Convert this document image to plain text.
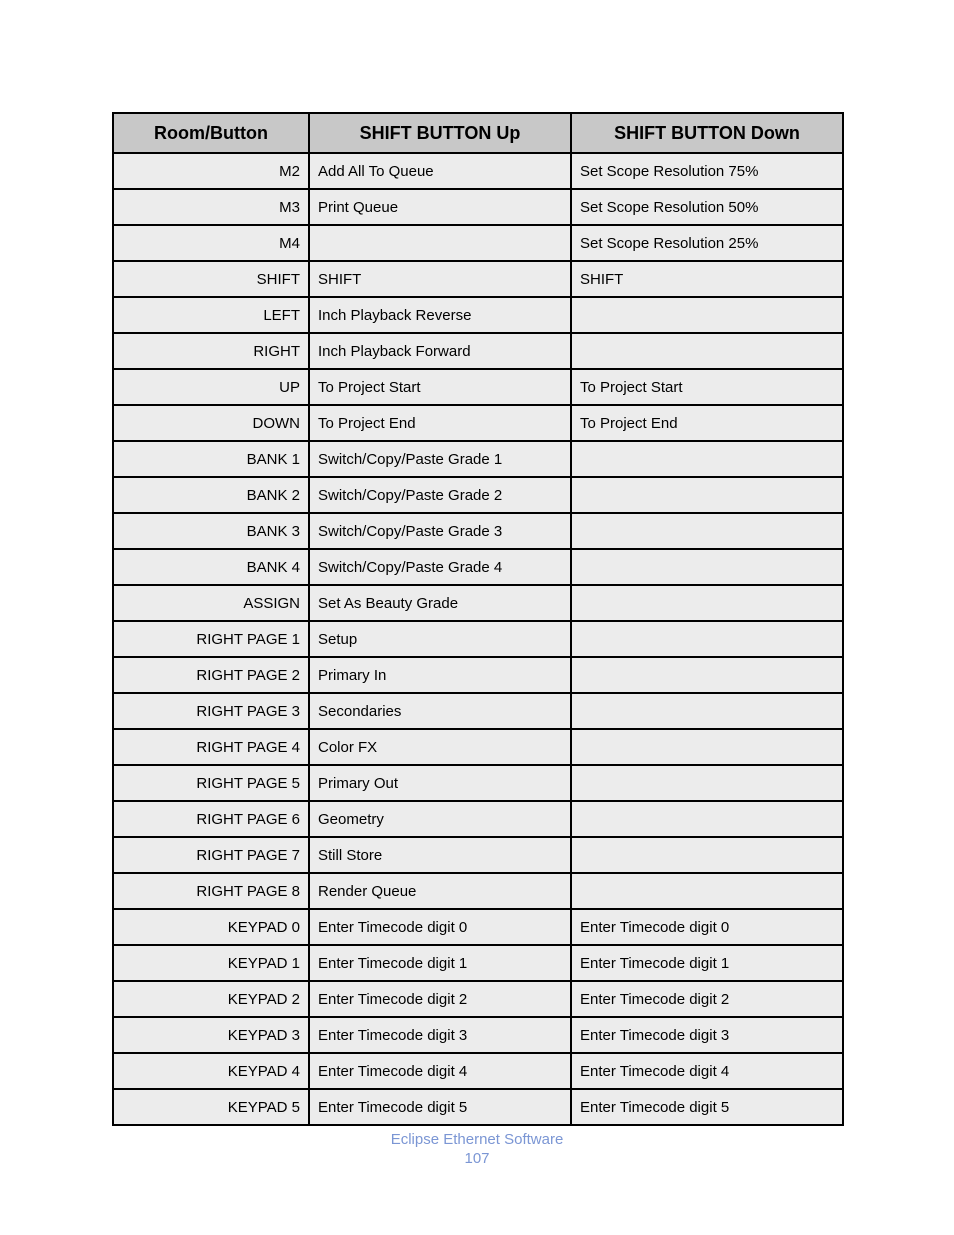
Room/Button	SHIFT BUTTON Up	SHIFT BUTTON Down
M2	Add All To Queue	Set Scope Resolution 75%
M3	Print Queue	Set Scope Resolution 50%
M4		Set Scope Resolution 25%
SHIFT	SHIFT	SHIFT
LEFT	Inch Playback Reverse	
RIGHT	Inch Playback Forward	
UP	To Project Start	To Project Start
DOWN	To Project End	To Project End
BANK 1	Switch/Copy/Paste Grade 1	
BANK 2	Switch/Copy/Paste Grade 2	
BANK 3	Switch/Copy/Paste Grade 3	
BANK 4	Switch/Copy/Paste Grade 4	
ASSIGN	Set As Beauty Grade	
RIGHT PAGE 1	Setup	
RIGHT PAGE 2	Primary In	
RIGHT PAGE 3	Secondaries	
RIGHT PAGE 4	Color FX	
RIGHT PAGE 5	Primary Out	
RIGHT PAGE 6	Geometry	
RIGHT PAGE 7	Still Store	
RIGHT PAGE 8	Render Queue	
KEYPAD 0	Enter Timecode digit 0	Enter Timecode digit 0
KEYPAD 1	Enter Timecode digit 1	Enter Timecode digit 1
KEYPAD 2	Enter Timecode digit 2	Enter Timecode digit 2
KEYPAD 3	Enter Timecode digit 3	Enter Timecode digit 3
KEYPAD 4	Enter Timecode digit 4	Enter Timecode digit 4
KEYPAD 5	Enter Timecode digit 5	Enter Timecode digit 5
Eclipse Ethernet Software
107
